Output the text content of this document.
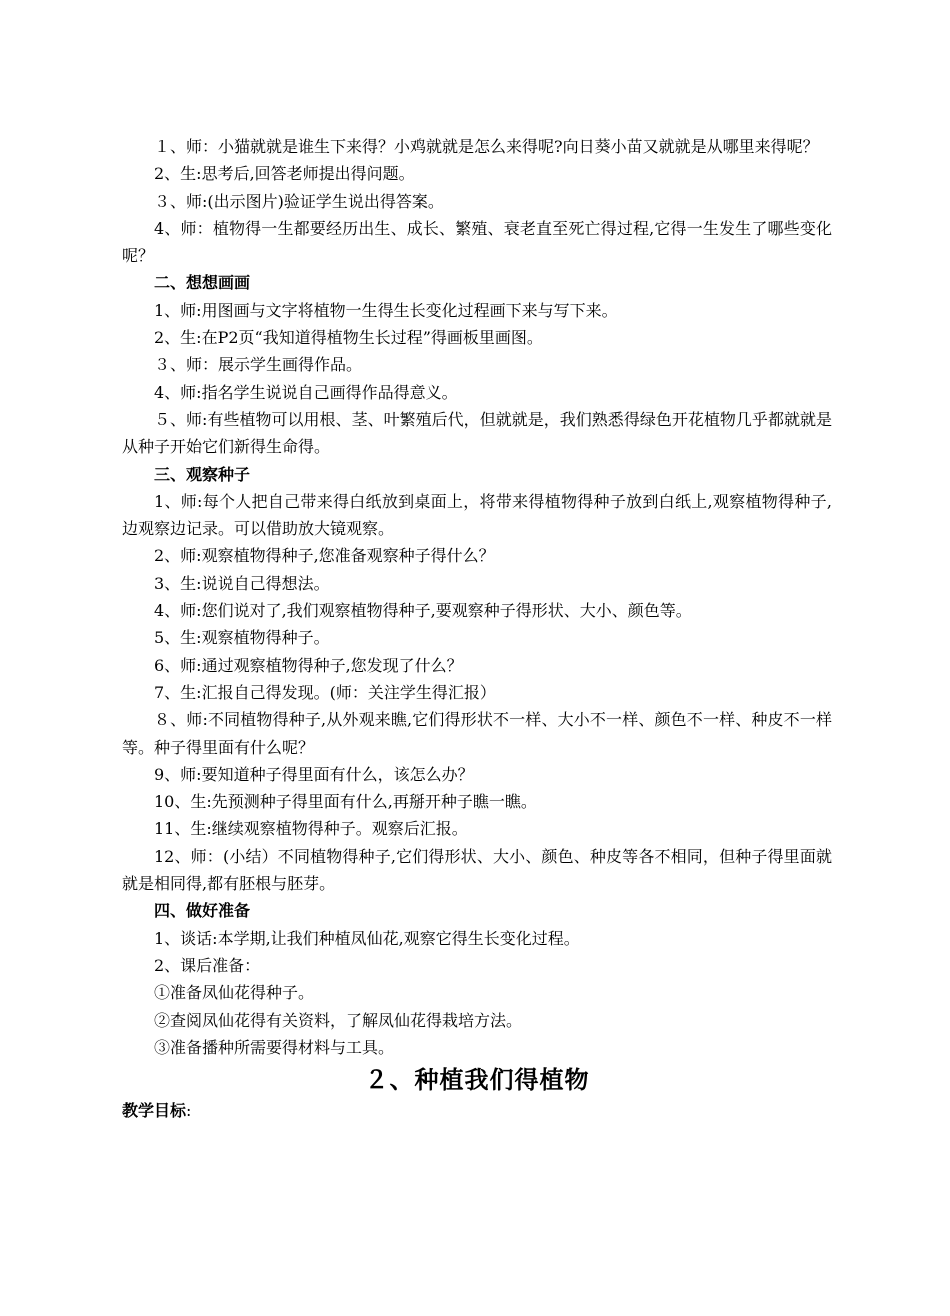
１、师：小猫就就是谁生下来得？小鸡就就是怎么来得呢?向日葵小苗又就就是从哪里来得呢？

2、生:思考后,回答老师提出得问题。

３、师:(出示图片)验证学生说出得答案。

4、师：植物得一生都要经历出生、成长、繁殖、衰老直至死亡得过程,它得一生发生了哪些变化呢？

二、想想画画

1、师:用图画与文字将植物一生得生长变化过程画下来与写下来。

2、生:在P2页“我知道得植物生长过程”得画板里画图。

３、师：展示学生画得作品。

4、师:指名学生说说自己画得作品得意义。

５、师:有些植物可以用根、茎、叶繁殖后代，但就就是，我们熟悉得绿色开花植物几乎都就就是从种子开始它们新得生命得。

三、观察种子

1、师:每个人把自己带来得白纸放到桌面上，将带来得植物得种子放到白纸上,观察植物得种子,边观察边记录。可以借助放大镜观察。

2、师:观察植物得种子,您准备观察种子得什么？

3、生:说说自己得想法。

4、师:您们说对了,我们观察植物得种子,要观察种子得形状、大小、颜色等。

5、生:观察植物得种子。

6、师:通过观察植物得种子,您发现了什么？

7、生:汇报自己得发现。(师：关注学生得汇报）

８、师:不同植物得种子,从外观来瞧,它们得形状不一样、大小不一样、颜色不一样、种皮不一样等。种子得里面有什么呢？

9、师:要知道种子得里面有什么，该怎么办？

10、生:先预测种子得里面有什么,再掰开种子瞧一瞧。

11、生:继续观察植物得种子。观察后汇报。

12、师：(小结）不同植物得种子,它们得形状、大小、颜色、种皮等各不相同，但种子得里面就就是相同得,都有胚根与胚芽。

四、做好准备

1、谈话:本学期,让我们种植凤仙花,观察它得生长变化过程。

2、课后准备：

①准备凤仙花得种子。

②查阅凤仙花得有关资料，了解凤仙花得栽培方法。

③准备播种所需要得材料与工具。

２、种植我们得植物

教学目标:
